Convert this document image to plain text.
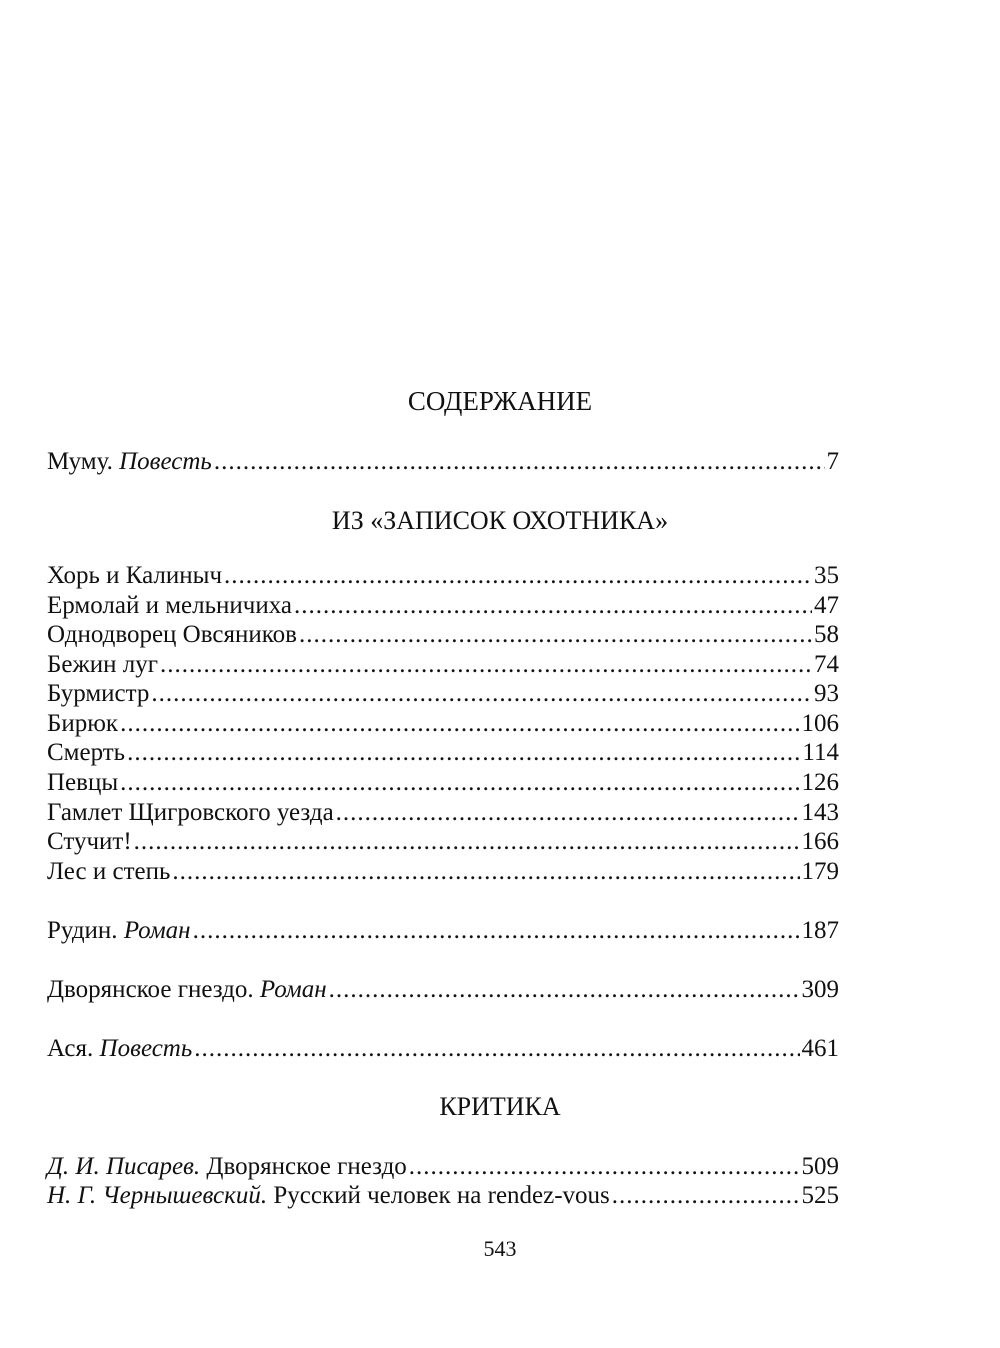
СОДЕРЖАНИЕ
Муму. Повесть .....	7
ИЗ «ЗАПИСОК ОХОТНИКА»
Хорь и Калиныч .....	35
Ермолай и мельничиха .....	47
Однодворец Овсяников .....	58
Бежин луг .....	74
Бурмистр .....	93
Бирюк .....	106
Смерть .....	114
Певцы .....	126
Гамлет Щигровского уезда .....	143
Стучит! .....	166
Лес и степь .....	179
Рудин. Роман .....	187
Дворянское гнездо. Роман .....	309
Ася. Повесть .....	461
КРИТИКА
Д. И. Писарев. Дворянское гнездо .....	509
Н. Г. Чернышевский. Русский человек на rendez-vous .....	525
543
